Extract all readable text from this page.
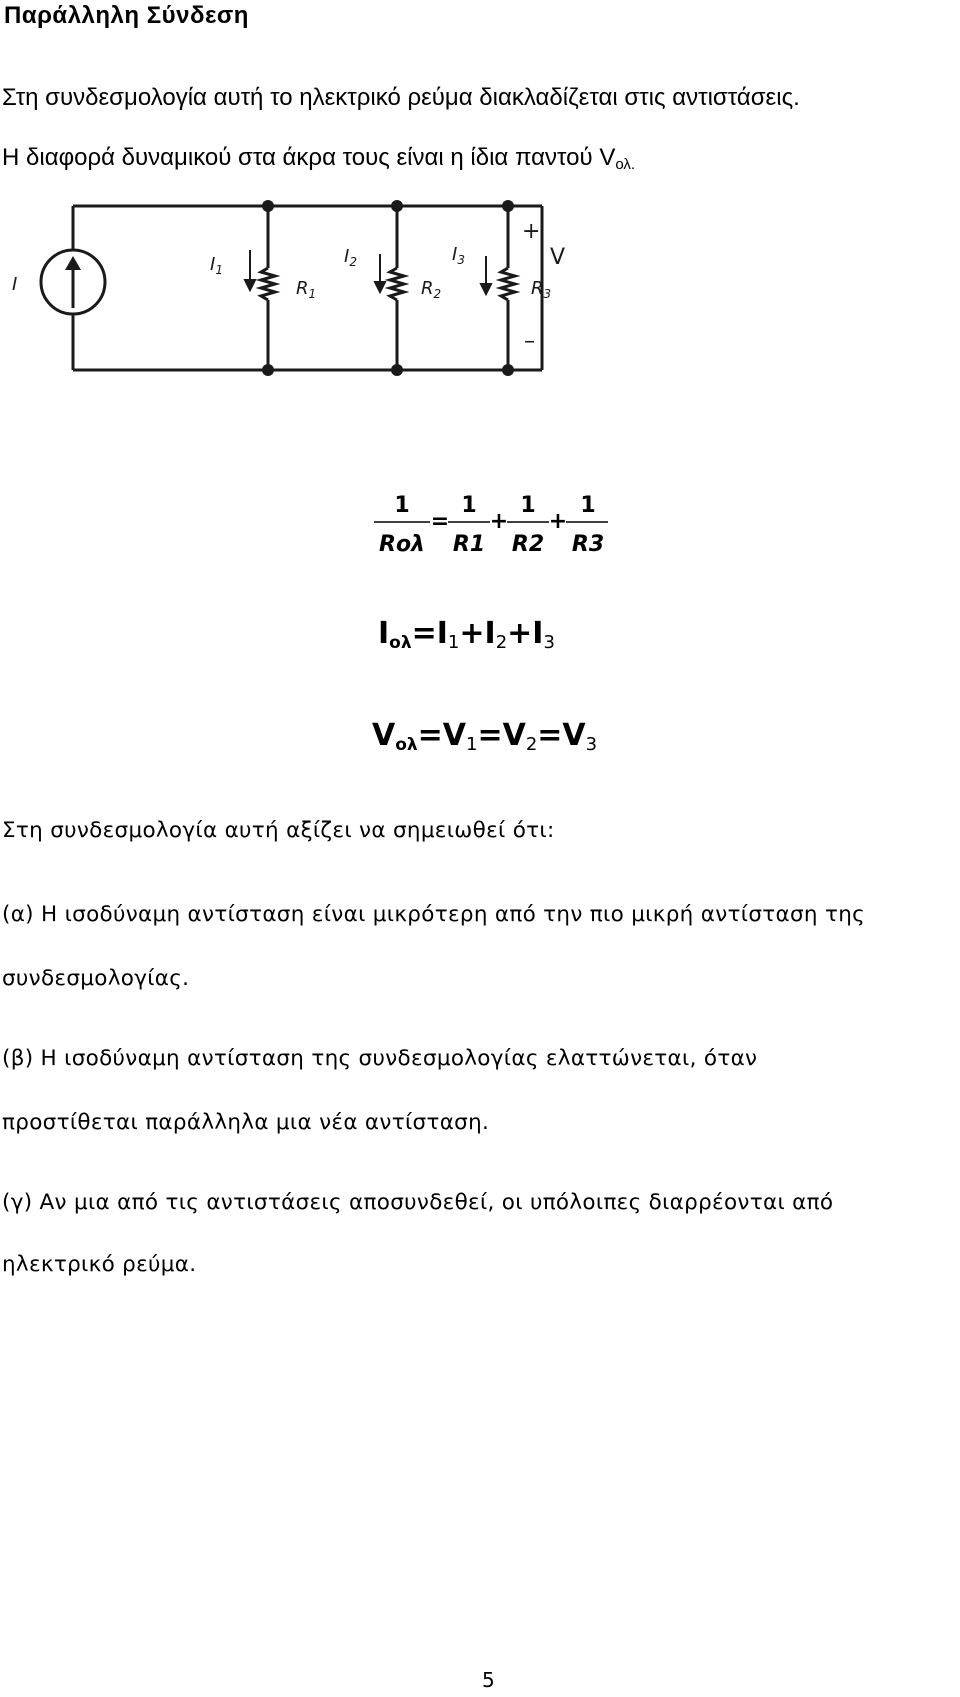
Παράλληλη Σύνδεση
Στη συνδεσμολογία αυτή το ηλεκτρικό ρεύμα διακλαδίζεται στις αντιστάσεις.
Η διαφορά δυναμικού στα άκρα τους είναι η ίδια παντού Vολ.
I
$I_1$
$I_2$	$I_3$
$R_1$	$R_2$	$R_3$
+
V
–
1
Rολ
=
1
R1
+
1
R2
+
1
R3
Iολ=I1+I2+I3
Vολ=V1=V2=V3
Στη συνδεσμολογία αυτή αξίζει να σημειωθεί ότι:
(α) Η ισοδύναμη αντίσταση είναι μικρότερη από την πιο μικρή αντίσταση της
συνδεσμολογίας.
(β) Η ισοδύναμη αντίσταση της συνδεσμολογίας ελαττώνεται, όταν
προστίθεται παράλληλα μια νέα αντίσταση.
(γ) Αν μια από τις αντιστάσεις αποσυνδεθεί, οι υπόλοιπες διαρρέονται από
ηλεκτρικό ρεύμα.
5
